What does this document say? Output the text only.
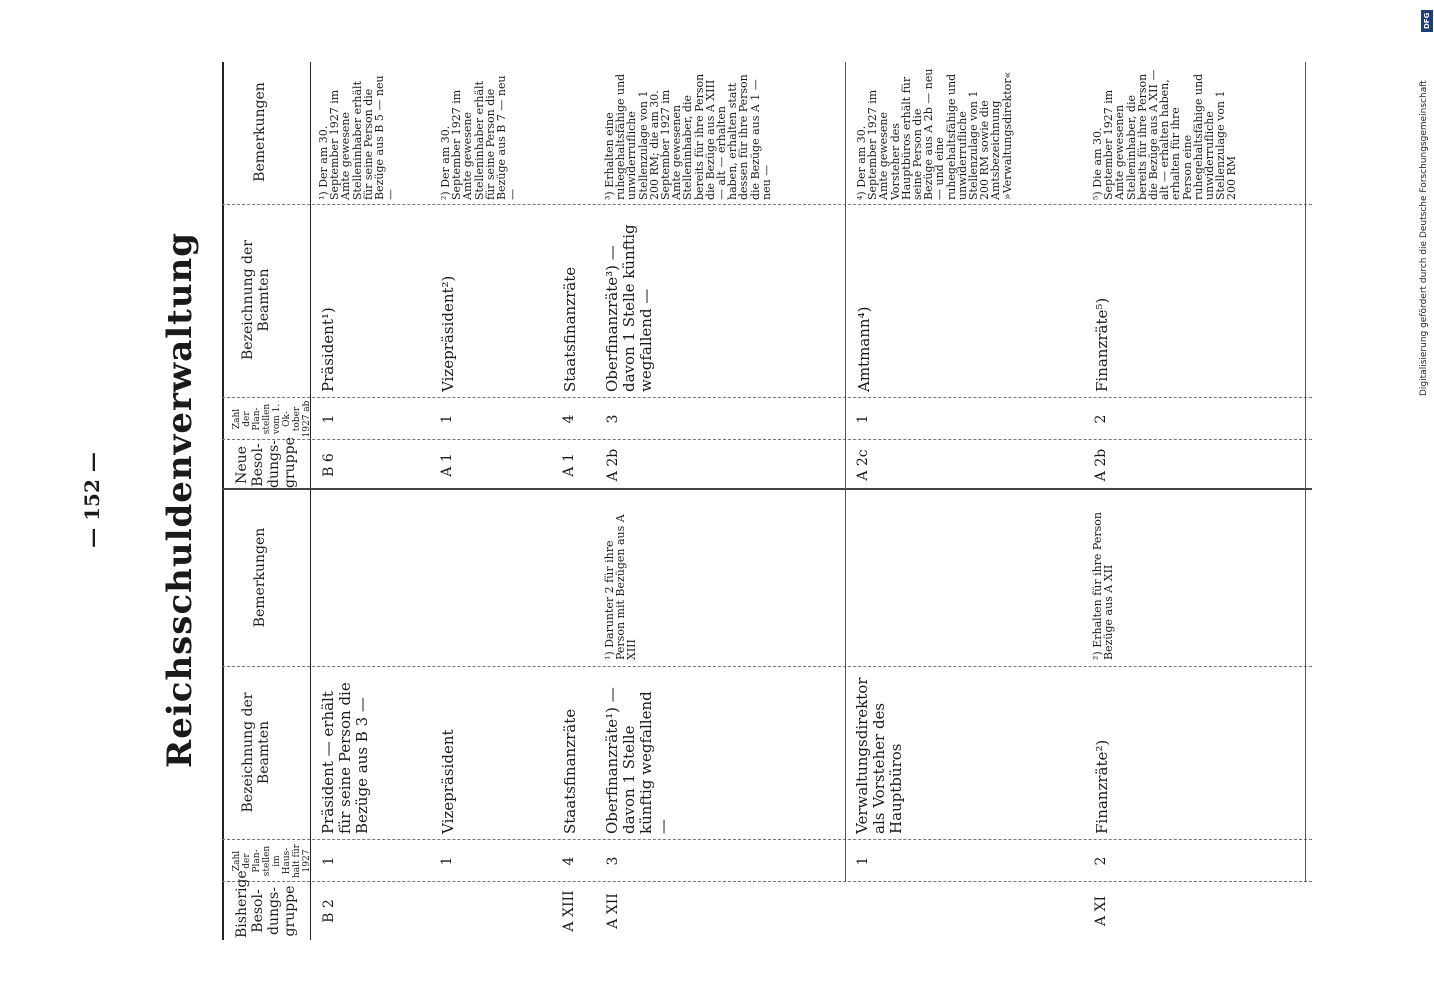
— 152 — Reichsschuldenverwaltung
Bisherige Besol-dungs-gruppe
Zahl der Plan-stellen im Haus-halt für 1927
Bezeichnung der Beamten
Bemerkungen
Neue Besol-dungs-gruppe
Zahl der Plan-stellen vom 1. Ok-tober 1927 ab
Bezeichnung der Beamten
Bemerkungen
B 2
1
Präsident — erhält für seine Person die Bezüge aus B 3 —
B 6
1
Präsident¹)
¹) Der am 30. September 1927 im Amte gewesene Stelleninhaber erhält für seine Person die Bezüge aus B 5 — neu —
1
Vizepräsident
A 1
1
Vizepräsident²)
²) Der am 30. September 1927 im Amte gewesene Stelleninhaber erhält für seine Person die Bezüge aus B 7 — neu —
A XIII
4
Staatsfinanzräte
A 1
4
Staatsfinanzräte
A XII
3
Oberfinanzräte¹) — davon 1 Stelle künftig wegfallend —
¹) Darunter 2 für ihre Person mit Bezügen aus A XIII
A 2b
3
Oberfinanzräte³) — davon 1 Stelle künftig wegfallend —
³) Erhalten eine ruhegehaltsfähige und unwiderrufliche Stellenzulage von 1 200 RM; die am 30. September 1927 im Amte gewesenen Stelleninhaber, die bereits für ihre Person die Bezüge aus A XIII — alt — erhalten haben, erhalten statt dessen für ihre Person die Bezüge aus A 1 — neu —
1
Verwaltungsdirektor als Vorsteher des Hauptbüros
A 2c
1
Amtmann⁴)
⁴) Der am 30. September 1927 im Amte gewesene Vorsteher des Hauptbüros erhält für seine Person die Bezüge aus A 2b — neu — und eine ruhegehaltsfähige und unwiderrufliche Stellenzulage von 1 200 RM sowie die Amtsbezeichnung »Verwaltungsdirektor«
A XI
2
Finanzräte²)
²) Erhalten für ihre Person Bezüge aus A XII
A 2b
2
Finanzräte⁵)
⁵) Die am 30. September 1927 im Amte gewesenen Stelleninhaber, die bereits für ihre Person die Bezüge aus A XII — alt — erhalten haben, erhalten für ihre Person eine ruhegehaltsfähige und unwiderrufliche Stellenzulage von 1 200 RM
DFG
Digitalisierung gefördert durch die Deutsche Forschungsgemeinschaft
